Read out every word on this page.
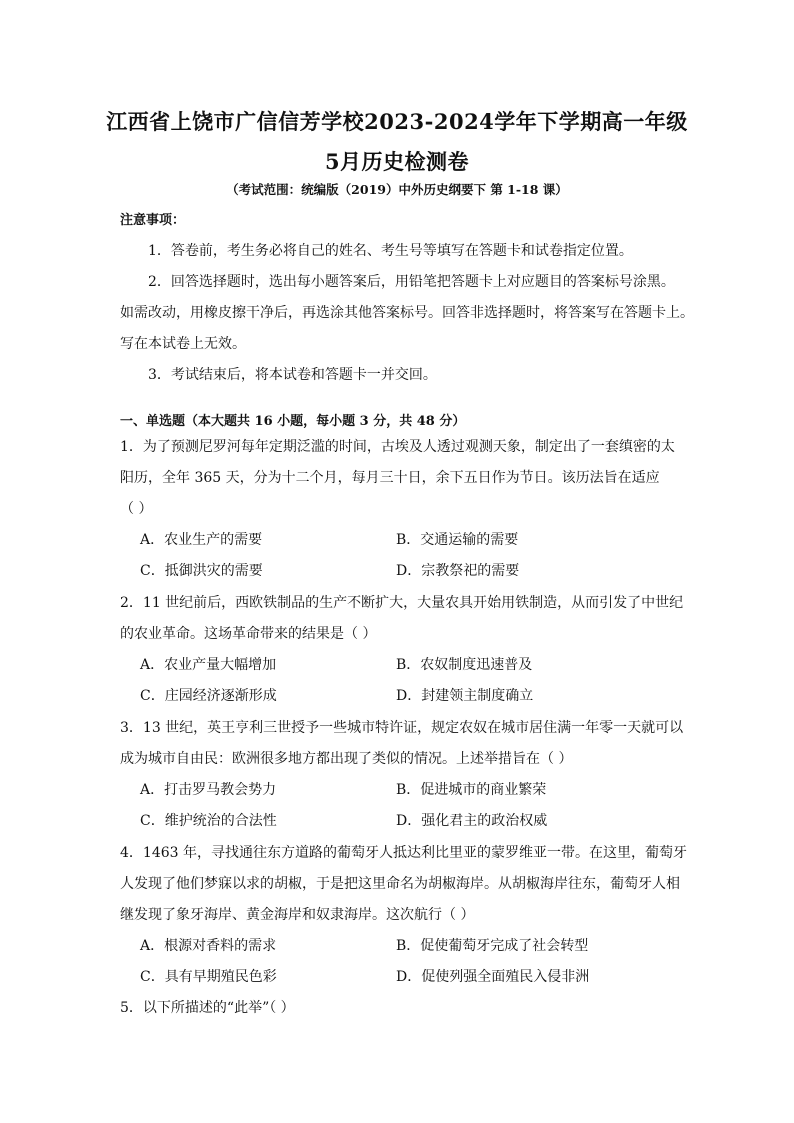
江西省上饶市广信信芳学校2023-2024学年下学期高一年级
5月历史检测卷
（考试范围：统编版（2019）中外历史纲要下 第 1-18 课）
注意事项：
1．答卷前，考生务必将自己的姓名、考生号等填写在答题卡和试卷指定位置。
2．回答选择题时，选出每小题答案后，用铅笔把答题卡上对应题目的答案标号涂黑。
如需改动，用橡皮擦干净后，再选涂其他答案标号。回答非选择题时，将答案写在答题卡上。
写在本试卷上无效。
3．考试结束后，将本试卷和答题卡一并交回。
一、单选题（本大题共 16 小题，每小题 3 分，共 48 分）
1．为了预测尼罗河每年定期泛滥的时间，古埃及人透过观测天象，制定出了一套缜密的太
阳历，全年 365 天，分为十二个月，每月三十日，余下五日作为节日。该历法旨在适应
（ ）
A．农业生产的需要	B．交通运输的需要
C．抵御洪灾的需要	D．宗教祭祀的需要
2．11 世纪前后，西欧铁制品的生产不断扩大，大量农具开始用铁制造，从而引发了中世纪
的农业革命。这场革命带来的结果是（ ）
A．农业产量大幅增加	B．农奴制度迅速普及
C．庄园经济逐渐形成	D．封建领主制度确立
3．13 世纪，英王亨利三世授予一些城市特许证，规定农奴在城市居住满一年零一天就可以
成为城市自由民：欧洲很多地方都出现了类似的情况。上述举措旨在（ ）
A．打击罗马教会势力	B．促进城市的商业繁荣
C．维护统治的合法性	D．强化君主的政治权威
4．1463 年，寻找通往东方道路的葡萄牙人抵达利比里亚的蒙罗维亚一带。在这里，葡萄牙
人发现了他们梦寐以求的胡椒，于是把这里命名为胡椒海岸。从胡椒海岸往东，葡萄牙人相
继发现了象牙海岸、黄金海岸和奴隶海岸。这次航行（ ）
A．根源对香料的需求	B．促使葡萄牙完成了社会转型
C．具有早期殖民色彩	D．促使列强全面殖民入侵非洲
5．以下所描述的“此举”（ ）
